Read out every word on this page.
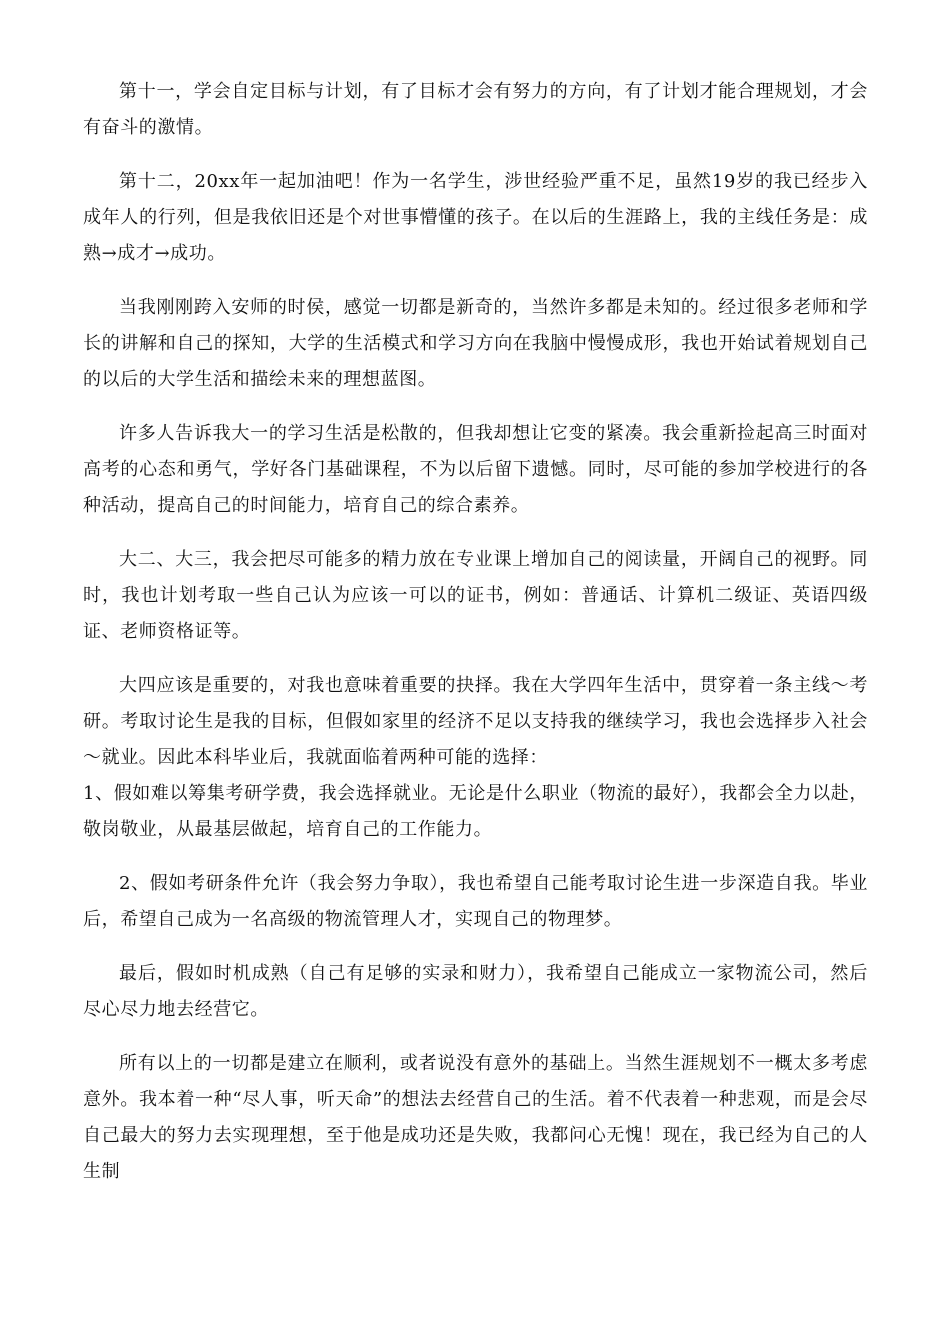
第十一，学会自定目标与计划，有了目标才会有努力的方向，有了计划才能合理规划，才会有奋斗的激情。

第十二，20xx年一起加油吧！作为一名学生，涉世经验严重不足，虽然19岁的我已经步入成年人的行列，但是我依旧还是个对世事懵懂的孩子。在以后的生涯路上，我的主线任务是：成熟→成才→成功。

当我刚刚跨入安师的时侯，感觉一切都是新奇的，当然许多都是未知的。经过很多老师和学长的讲解和自己的探知，大学的生活模式和学习方向在我脑中慢慢成形，我也开始试着规划自己的以后的大学生活和描绘未来的理想蓝图。

许多人告诉我大一的学习生活是松散的，但我却想让它变的紧凑。我会重新捡起高三时面对高考的心态和勇气，学好各门基础课程，不为以后留下遗憾。同时，尽可能的参加学校进行的各种活动，提高自己的时间能力，培育自己的综合素养。

大二、大三，我会把尽可能多的精力放在专业课上增加自己的阅读量，开阔自己的视野。同时，我也计划考取一些自己认为应该一可以的证书，例如：普通话、计算机二级证、英语四级证、老师资格证等。

大四应该是重要的，对我也意味着重要的抉择。我在大学四年生活中，贯穿着一条主线～考研。考取讨论生是我的目标，但假如家里的经济不足以支持我的继续学习，我也会选择步入社会～就业。因此本科毕业后，我就面临着两种可能的选择：

1、假如难以筹集考研学费，我会选择就业。无论是什么职业（物流的最好），我都会全力以赴，敬岗敬业，从最基层做起，培育自己的工作能力。

2、假如考研条件允许（我会努力争取），我也希望自己能考取讨论生进一步深造自我。毕业后，希望自己成为一名高级的物流管理人才，实现自己的物理梦。

最后，假如时机成熟（自己有足够的实录和财力），我希望自己能成立一家物流公司，然后尽心尽力地去经营它。

所有以上的一切都是建立在顺利，或者说没有意外的基础上。当然生涯规划不一概太多考虑意外。我本着一种“尽人事，听天命”的想法去经营自己的生活。着不代表着一种悲观，而是会尽自己最大的努力去实现理想，至于他是成功还是失败，我都问心无愧！现在，我已经为自己的人生制
